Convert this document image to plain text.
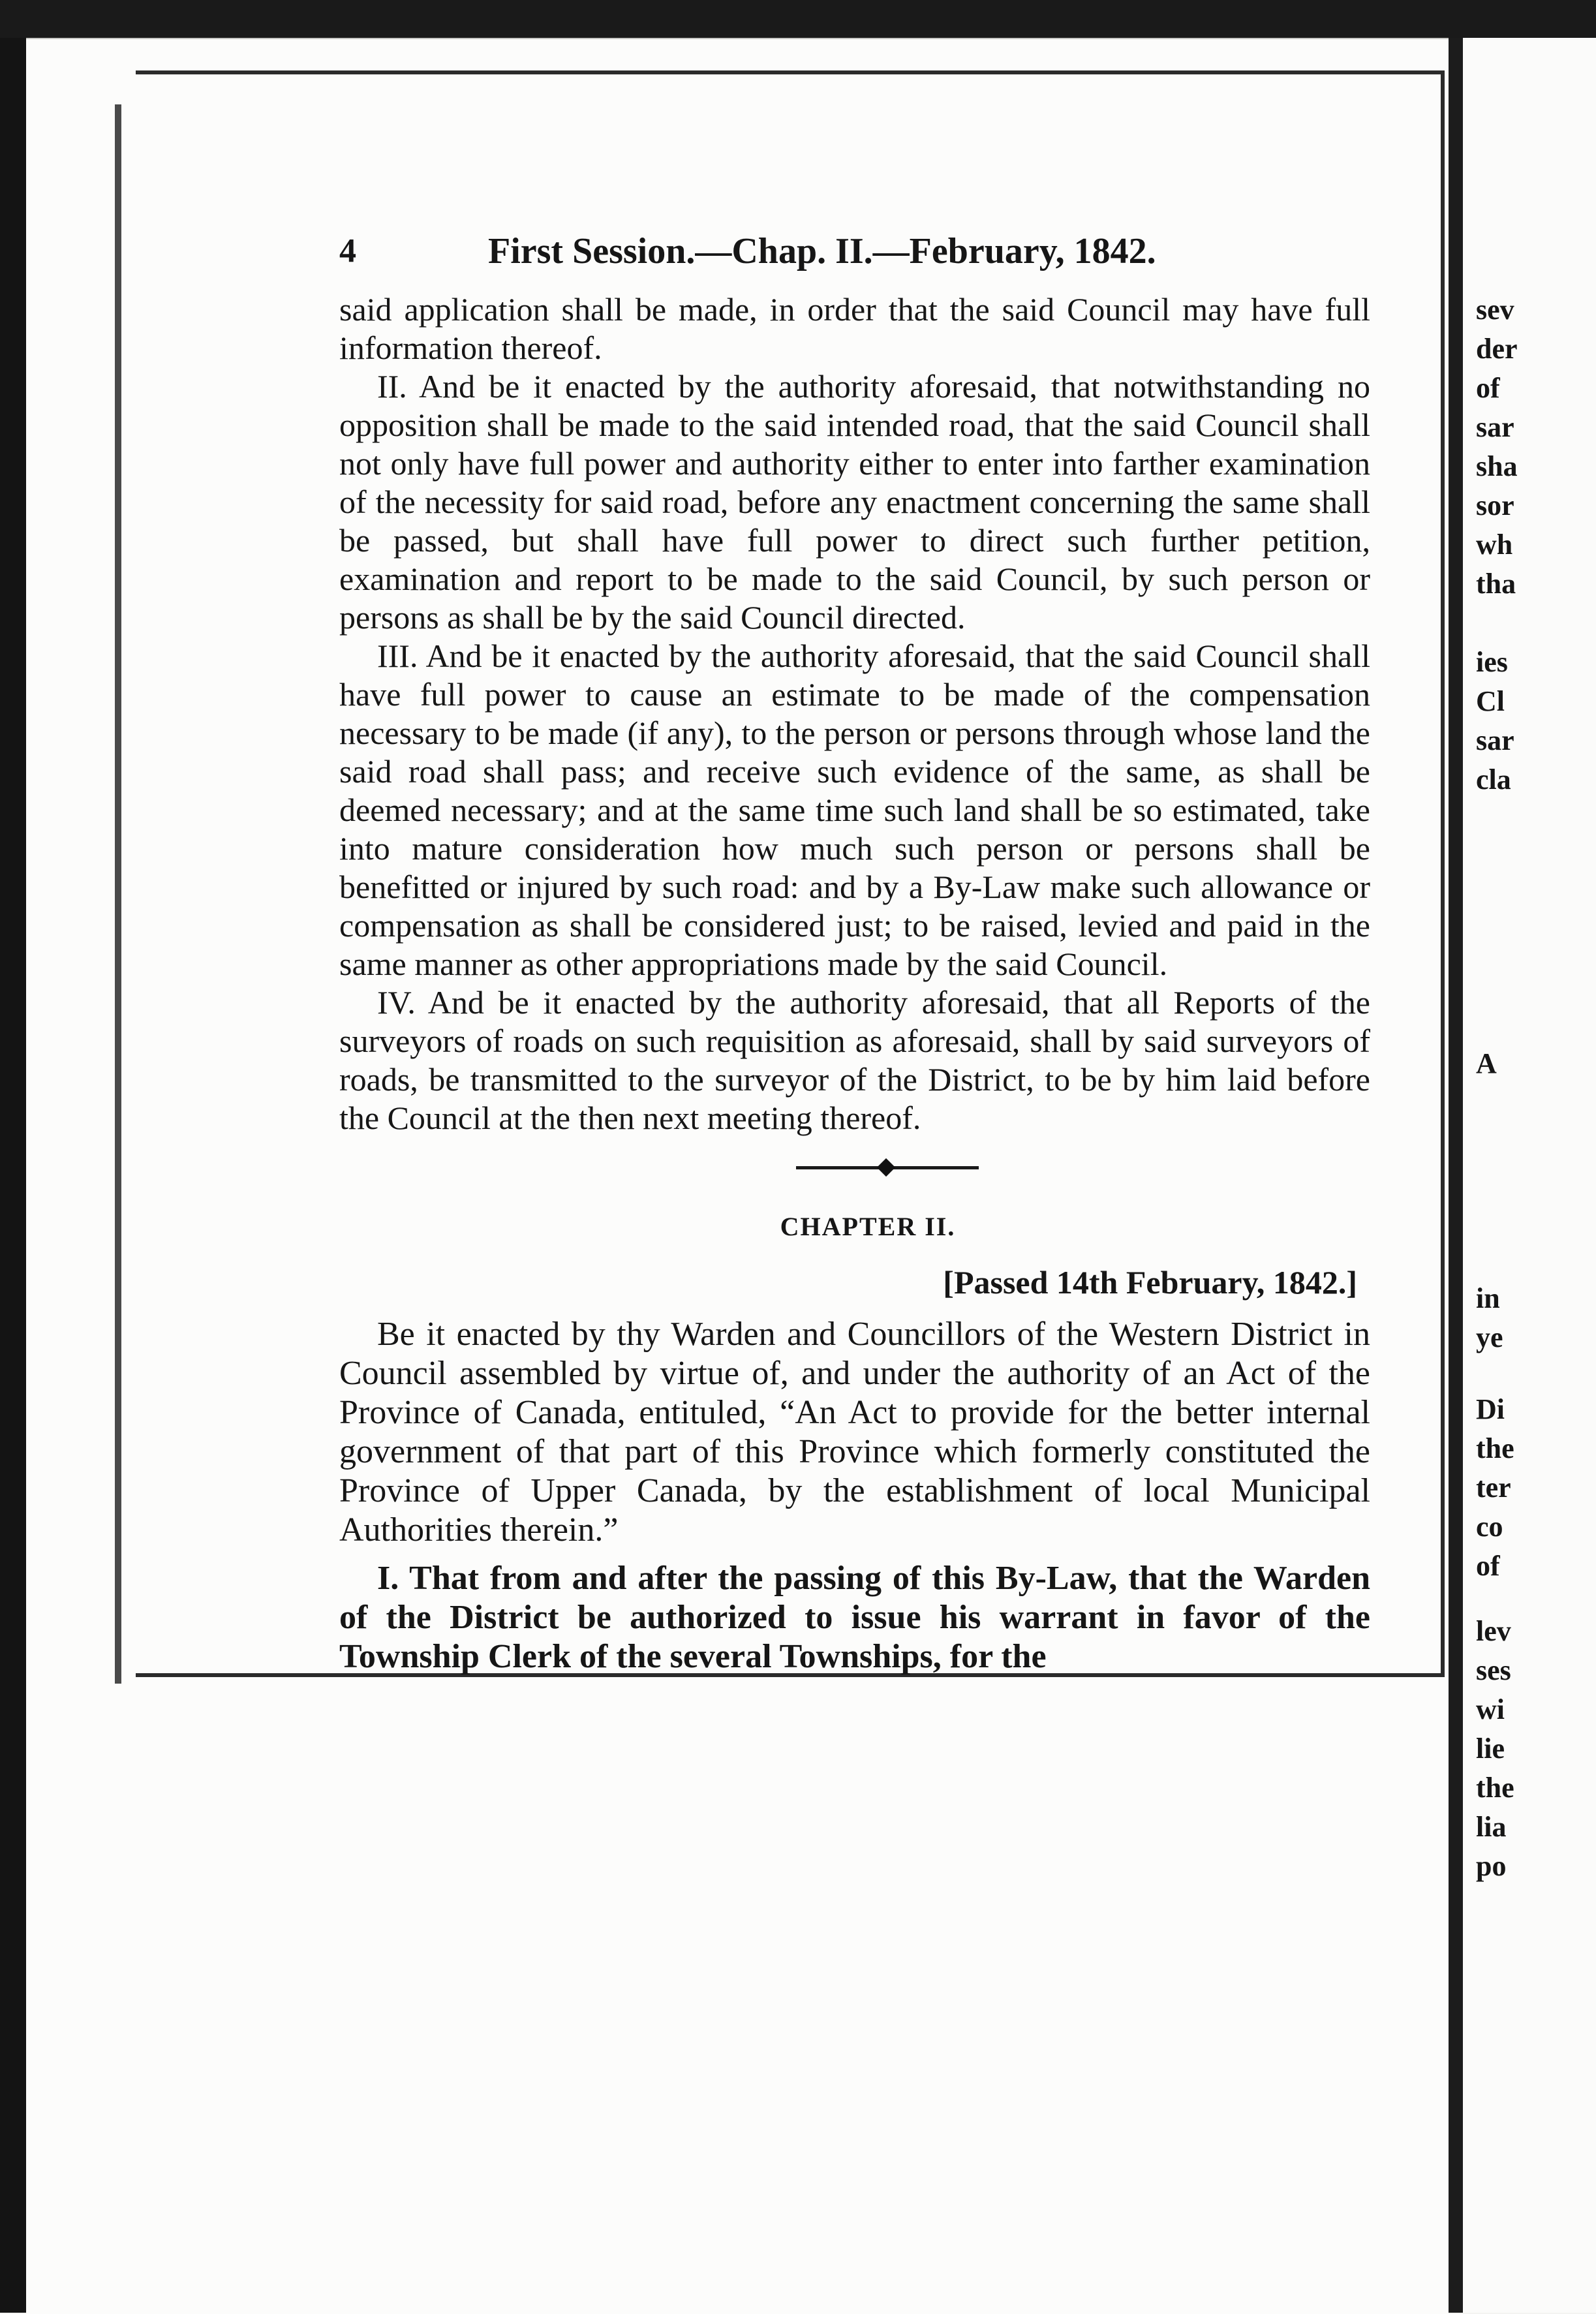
sev
der
of
sar
sha
sor
wh
tha
ies
Cl
sar
cla
A
in
ye
Di
the
ter
co
of
lev
ses
wi
lie
the
lia
po
4	First Session.—Chap. II.—February, 1842.

said application shall be made, in order that the said Council may have full information thereof.

II. And be it enacted by the authority aforesaid, that notwithstanding no opposition shall be made to the said intended road, that the said Council shall not only have full power and authority either to enter into farther examination of the necessity for said road, before any enactment concerning the same shall be passed, but shall have full power to direct such further petition, examination and report to be made to the said Council, by such person or persons as shall be by the said Council directed.

III. And be it enacted by the authority aforesaid, that the said Council shall have full power to cause an estimate to be made of the compensation necessary to be made (if any), to the person or persons through whose land the said road shall pass; and receive such evidence of the same, as shall be deemed necessary; and at the same time such land shall be so estimated, take into mature consideration how much such person or persons shall be benefitted or injured by such road: and by a By-Law make such allowance or compensation as shall be considered just; to be raised, levied and paid in the same manner as other appropriations made by the said Council.

IV. And be it enacted by the authority aforesaid, that all Reports of the surveyors of roads on such requisition as aforesaid, shall by said surveyors of roads, be transmitted to the surveyor of the District, to be by him laid before the Council at the then next meeting thereof.

CHAPTER II.
[Passed 14th February, 1842.]

Be it enacted by thy Warden and Councillors of the Western District in Council assembled by virtue of, and under the authority of an Act of the Province of Canada, entituled, “An Act to provide for the better internal government of that part of this Province which formerly constituted the Province of Upper Canada, by the establishment of local Municipal Authorities therein.”

I. That from and after the passing of this By-Law, that the Warden of the District be authorized to issue his warrant in favor of the Township Clerk of the several Townships, for the
